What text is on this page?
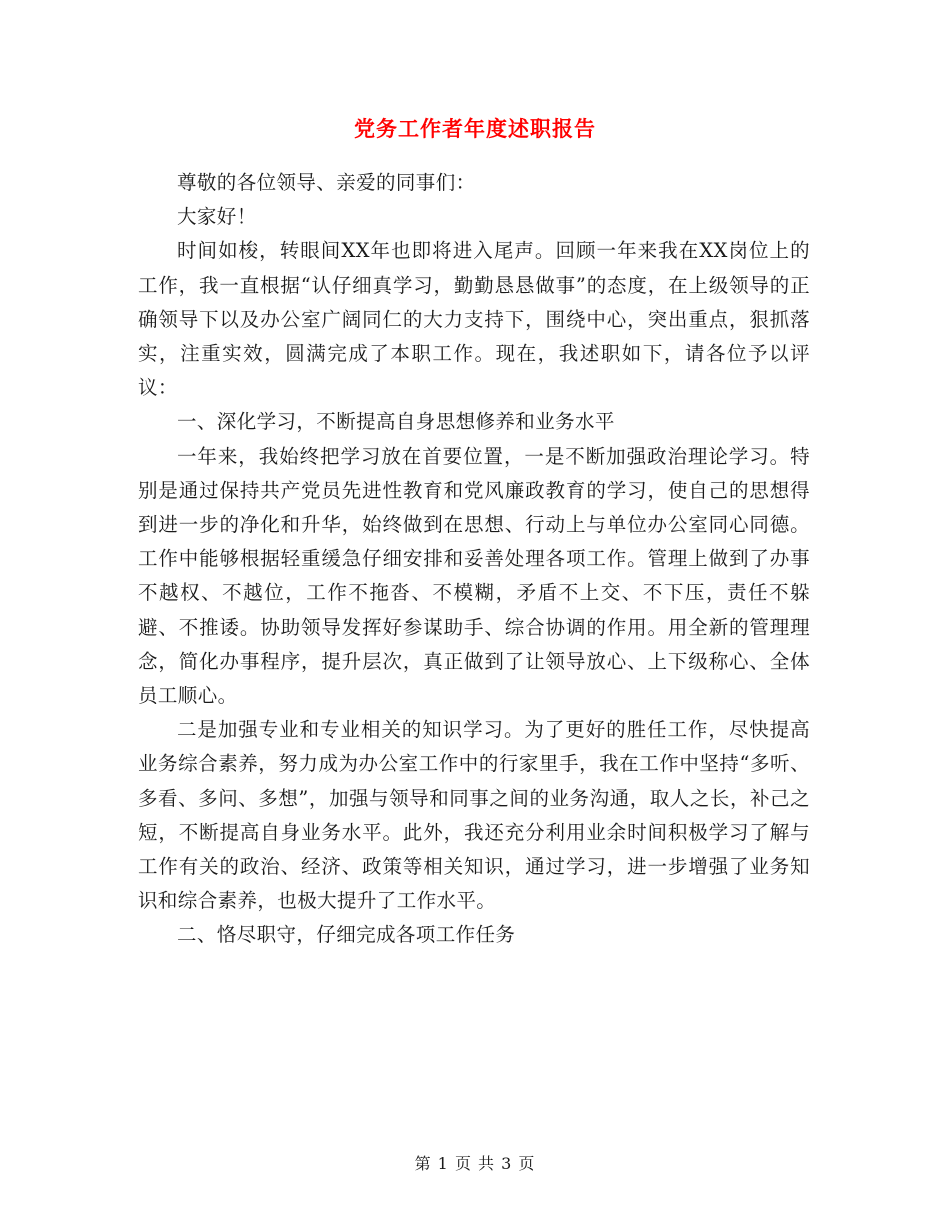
党务工作者年度述职报告

尊敬的各位领导、亲爱的同事们：

大家好！

时间如梭，转眼间XX年也即将进入尾声。回顾一年来我在XX岗位上的工作，我一直根据“认仔细真学习，勤勤恳恳做事”的态度，在上级领导的正确领导下以及办公室广阔同仁的大力支持下，围绕中心，突出重点，狠抓落实，注重实效，圆满完成了本职工作。现在，我述职如下，请各位予以评议：

一、深化学习，不断提高自身思想修养和业务水平

一年来，我始终把学习放在首要位置，一是不断加强政治理论学习。特别是通过保持共产党员先进性教育和党风廉政教育的学习，使自己的思想得到进一步的净化和升华，始终做到在思想、行动上与单位办公室同心同德。工作中能够根据轻重缓急仔细安排和妥善处理各项工作。管理上做到了办事不越权、不越位，工作不拖沓、不模糊，矛盾不上交、不下压，责任不躲避、不推诿。协助领导发挥好参谋助手、综合协调的作用。用全新的管理理念，简化办事程序，提升层次，真正做到了让领导放心、上下级称心、全体员工顺心。

二是加强专业和专业相关的知识学习。为了更好的胜任工作，尽快提高业务综合素养，努力成为办公室工作中的行家里手，我在工作中坚持“多听、多看、多问、多想”，加强与领导和同事之间的业务沟通，取人之长，补己之短，不断提高自身业务水平。此外，我还充分利用业余时间积极学习了解与工作有关的政治、经济、政策等相关知识，通过学习，进一步增强了业务知识和综合素养，也极大提升了工作水平。

二、恪尽职守，仔细完成各项工作任务

第 1 页 共 3 页
